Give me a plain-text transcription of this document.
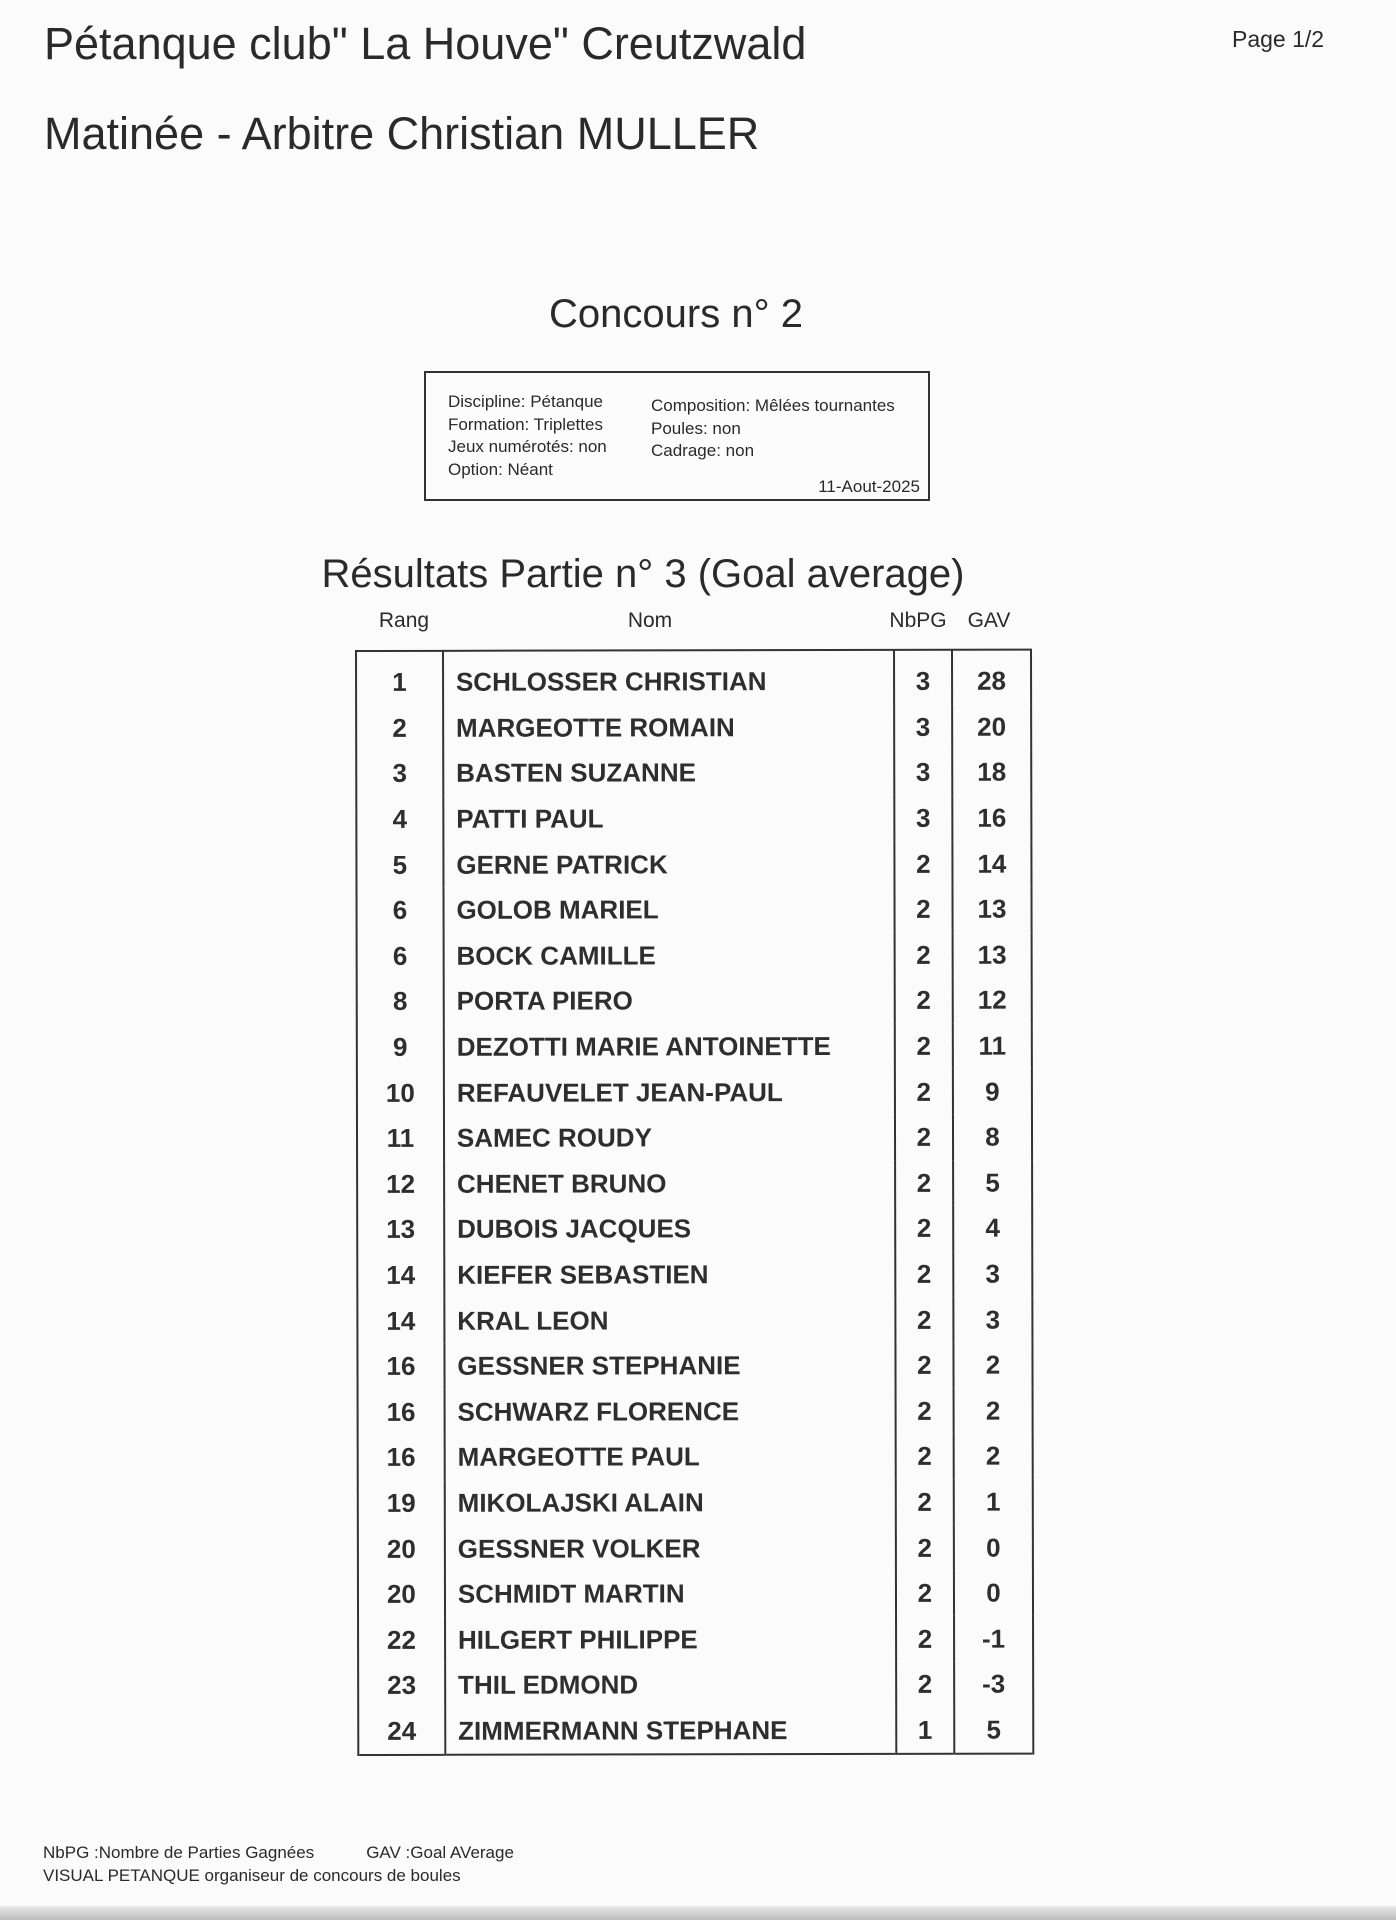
Pétanque club" La Houve" Creutzwald	Page 1/2
Matinée - Arbitre Christian MULLER
Concours n° 2
Discipline: Pétanque
Formation: Triplettes
Jeux numérotés: non
Option: Néant
Composition: Mêlées tournantes
Poules: non
Cadrage: non
11-Aout-2025
Résultats Partie n° 3 (Goal average)
Rang	Nom	NbPG	GAV
1	SCHLOSSER CHRISTIAN	3	28
2	MARGEOTTE ROMAIN	3	20
3	BASTEN SUZANNE	3	18
4	PATTI PAUL	3	16
5	GERNE PATRICK	2	14
6	GOLOB MARIEL	2	13
6	BOCK CAMILLE	2	13
8	PORTA PIERO	2	12
9	DEZOTTI MARIE ANTOINETTE	2	11
10	REFAUVELET JEAN-PAUL	2	9
11	SAMEC ROUDY	2	8
12	CHENET BRUNO	2	5
13	DUBOIS JACQUES	2	4
14	KIEFER SEBASTIEN	2	3
14	KRAL LEON	2	3
16	GESSNER STEPHANIE	2	2
16	SCHWARZ FLORENCE	2	2
16	MARGEOTTE PAUL	2	2
19	MIKOLAJSKI ALAIN	2	1
20	GESSNER VOLKER	2	0
20	SCHMIDT MARTIN	2	0
22	HILGERT PHILIPPE	2	-1
23	THIL EDMOND	2	-3
24	ZIMMERMANN STEPHANE	1	5
NbPG :Nombre de Parties Gagnées	GAV :Goal AVerage
VISUAL PETANQUE organiseur de concours de boules
